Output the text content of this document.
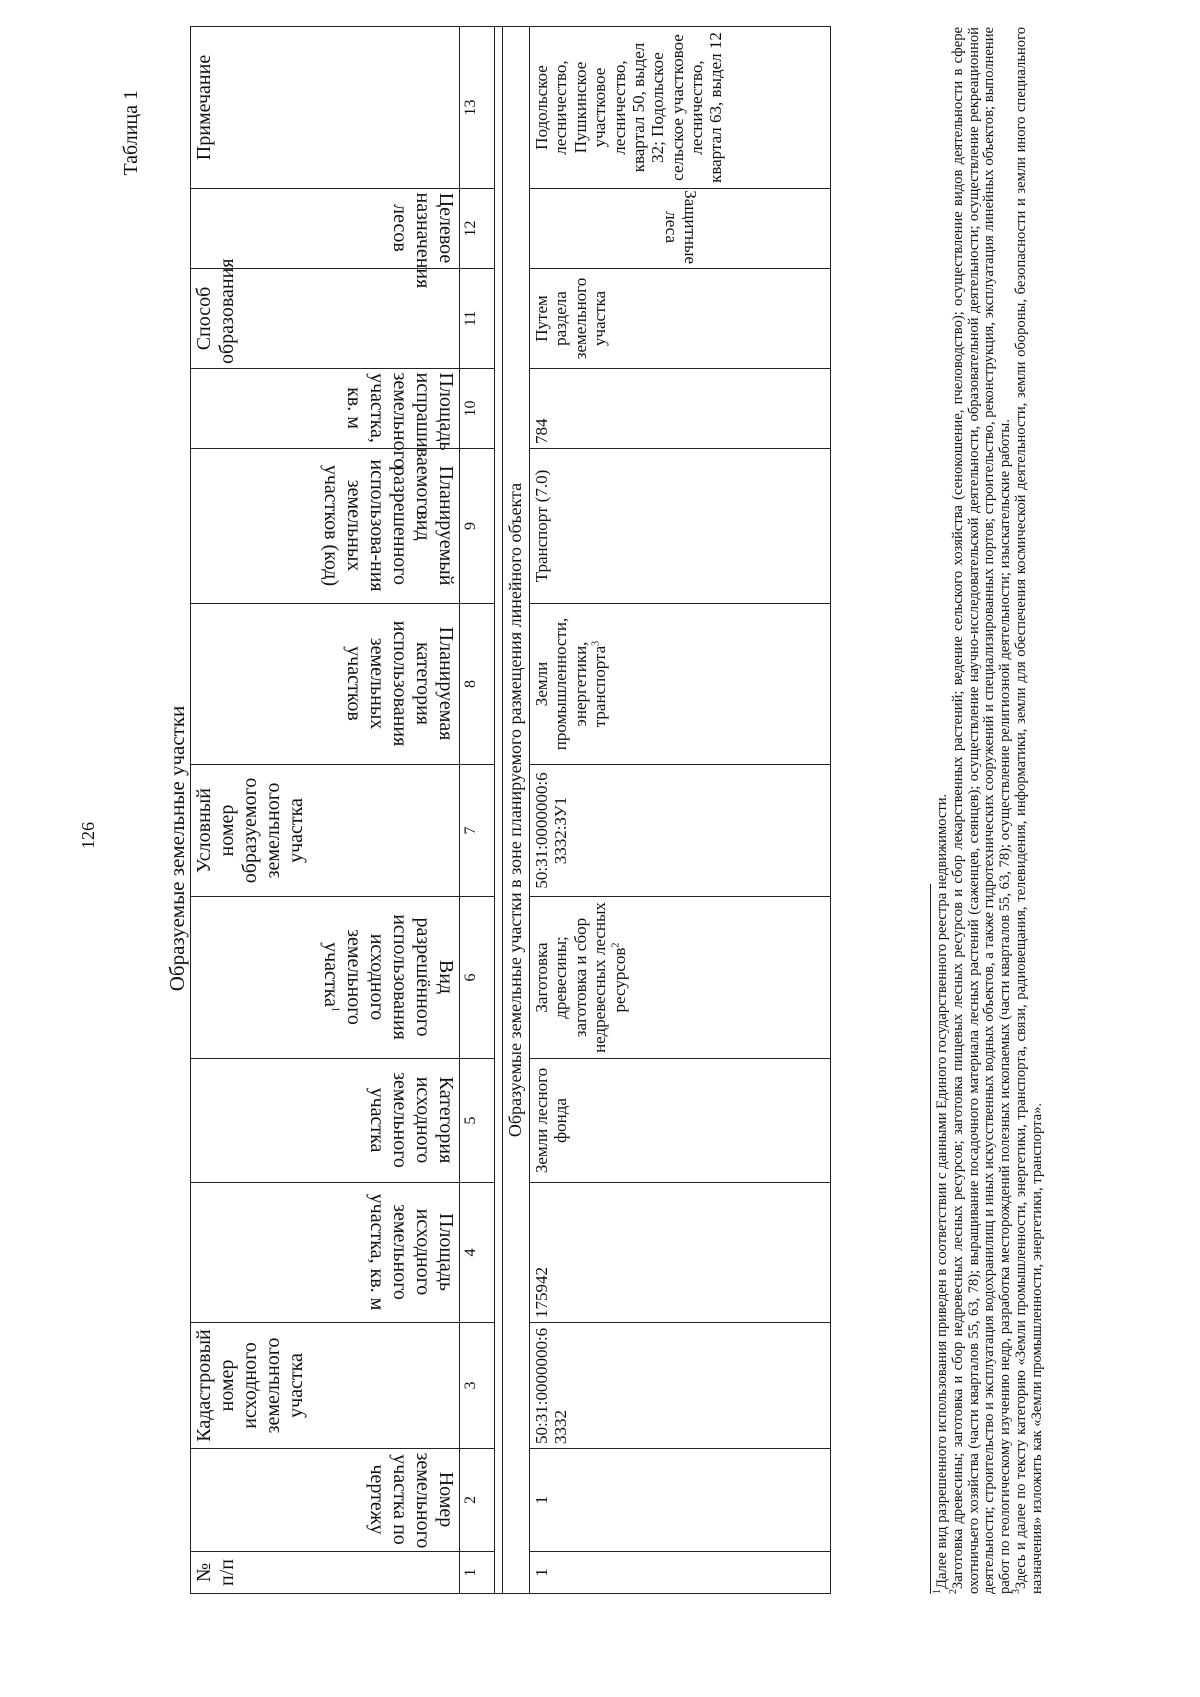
126
Таблица 1
Образуемые земельные участки
№ п/п	Номер земельного участка по чертежу	Кадастровый номер исходного земельного участка	Площадь исходного земельного участка, кв. м	Категория исходного земельного участка	Вид разрешённого использования исходного земельного участка$^1$	Условный номер образуемого земельного участка	Планируемая категория использования земельных участков	Планируемый вид разрешенного использова-ния земельных участков (код)	Площадь испрашиваемого земельного участка, кв. м	Способ образования	Целевое назначения лесов	Примечание
1	2	3	4	5	6	7	8	9	10	11	12	13

Образуемые земельные участки в зоне планируемого размещения линейного объекта												
1	1	50:31:0000000:63332	175942	Земли лесного фонда	Заготовка древесины; заготовка и сбор недревесных лесных ресурсов$^2$	50:31:0000000:63332:ЗУ1	Земли промышленности, энергетики, транспорта$^3$	Транспорт (7.0)	784	Путем раздела земельного участка	Защитные леса	Подольское лесничество, Пушкинское участковое лесничество, квартал 50, выдел 32; Подольское сельское участковое лесничество, квартал 63, выдел 12

$^1$Далее вид разрешенного использования приведен в соответствии с данными Единого государственного реестра недвижимости.

$^2$Заготовка древесины; заготовка и сбор недревесных лесных ресурсов; заготовка пищевых лесных ресурсов и сбор лекарственных растений; ведение сельского хозяйства (сенокошение, пчеловодство); осуществление видов деятельности в сфере охотничьего хозяйства (части кварталов 55, 63, 78); выращивание посадочного материала лесных растений (саженцев, сеянцев); осуществление научно-исследовательской деятельности, образовательной деятельности; осуществление рекреационной деятельности; строительство и эксплуатация водохранилищ и иных искусственных водных объектов, а также гидротехнических сооружений и специализированных портов; строительство, реконструкция, эксплуатация линейных объектов; выполнение работ по геологическому изучению недр, разработка месторождений полезных ископаемых (части кварталов 55, 63, 78); осуществление религиозной деятельности; изыскательские работы.

$^3$Здесь и далее по тексту категорию «Земли промышленности, энергетики, транспорта, связи, радиовещания, телевидения, информатики, земли для обеспечения космической деятельности, земли обороны, безопасности и земли иного специального назначения» изложить как «Земли промышленности, энергетики, транспорта».
